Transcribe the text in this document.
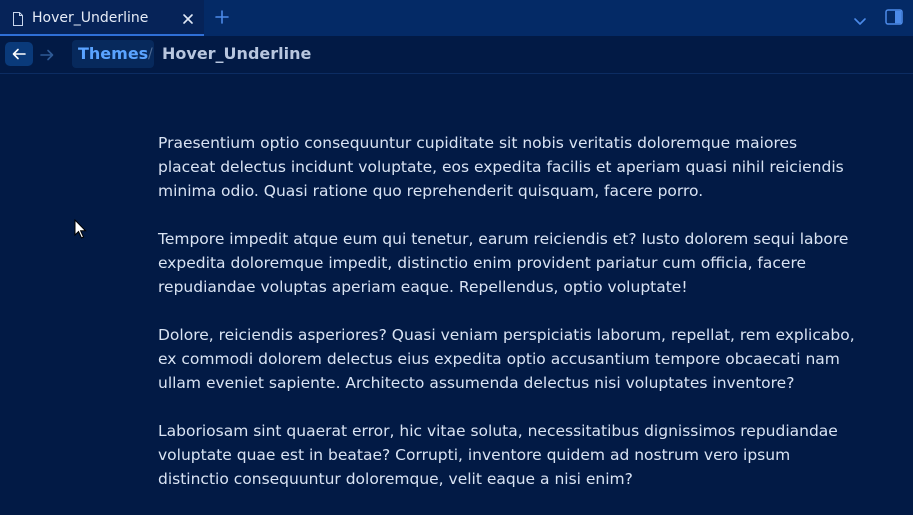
Hover_Underline
Themes / Hover_Underline

Praesentium optio consequuntur cupiditate sit nobis veritatis doloremque maiores placeat delectus incidunt voluptate, eos expedita facilis et aperiam quasi nihil reiciendis minima odio. Quasi ratione quo reprehenderit quisquam, facere porro.

Tempore impedit atque eum qui tenetur, earum reiciendis et? Iusto dolorem sequi labore expedita doloremque impedit, distinctio enim provident pariatur cum officia, facere repudiandae voluptas aperiam eaque. Repellendus, optio voluptate!

Dolore, reiciendis asperiores? Quasi veniam perspiciatis laborum, repellat, rem explicabo, ex commodi dolorem delectus eius expedita optio accusantium tempore obcaecati nam ullam eveniet sapiente. Architecto assumenda delectus nisi voluptates inventore?

Laboriosam sint quaerat error, hic vitae soluta, necessitatibus dignissimos repudiandae voluptate quae est in beatae? Corrupti, inventore quidem ad nostrum vero ipsum distinctio consequuntur doloremque, velit eaque a nisi enim?
